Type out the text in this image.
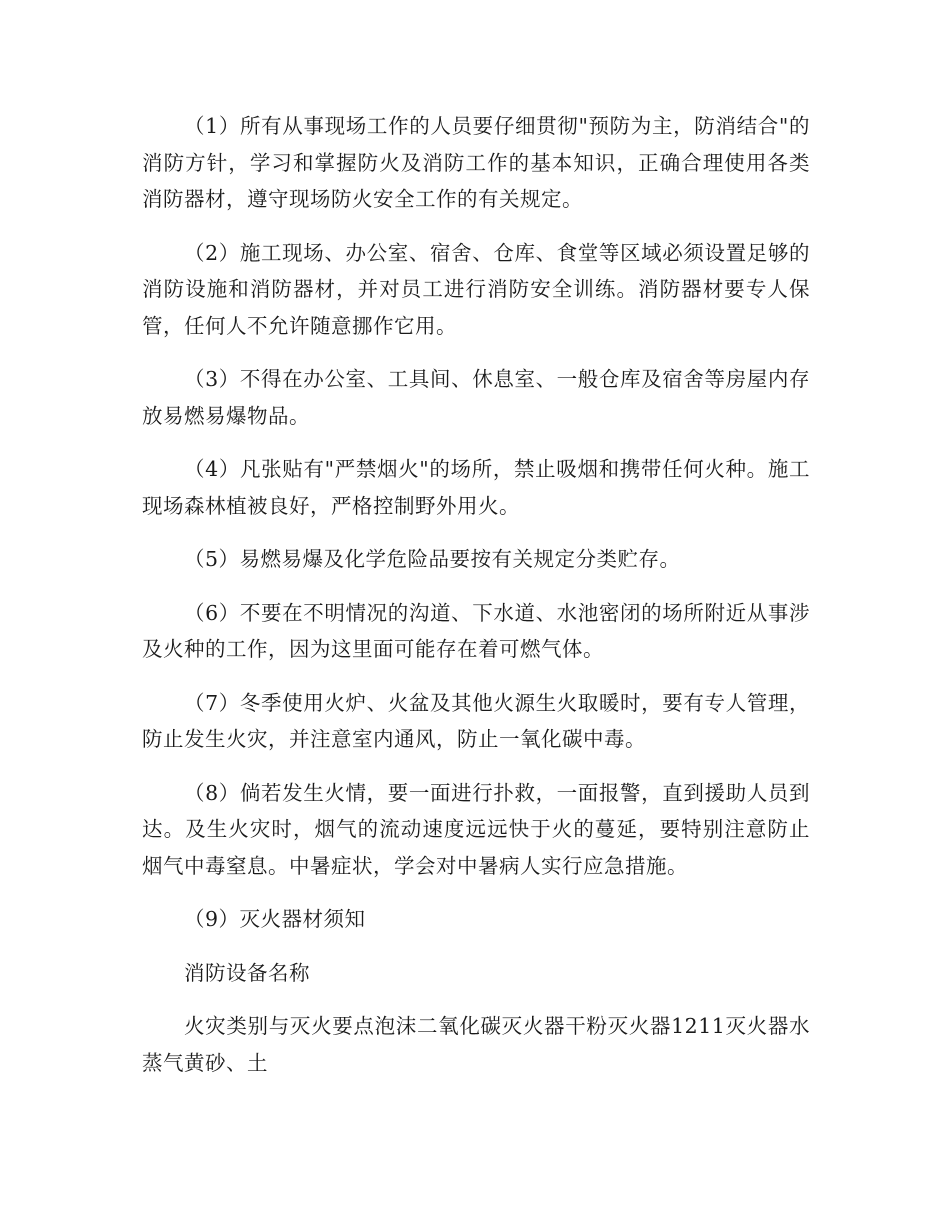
（1）所有从事现场工作的人员要仔细贯彻"预防为主，防消结合"的消防方针，学习和掌握防火及消防工作的基本知识，正确合理使用各类消防器材，遵守现场防火安全工作的有关规定。

（2）施工现场、办公室、宿舍、仓库、食堂等区域必须设置足够的消防设施和消防器材，并对员工进行消防安全训练。消防器材要专人保管，任何人不允许随意挪作它用。

（3）不得在办公室、工具间、休息室、一般仓库及宿舍等房屋内存放易燃易爆物品。

（4）凡张贴有"严禁烟火"的场所，禁止吸烟和携带任何火种。施工现场森林植被良好，严格控制野外用火。

（5）易燃易爆及化学危险品要按有关规定分类贮存。

（6）不要在不明情况的沟道、下水道、水池密闭的场所附近从事涉及火种的工作，因为这里面可能存在着可燃气体。

（7）冬季使用火炉、火盆及其他火源生火取暖时，要有专人管理，防止发生火灾，并注意室内通风，防止一氧化碳中毒。

（8）倘若发生火情，要一面进行扑救，一面报警，直到援助人员到达。及生火灾时，烟气的流动速度远远快于火的蔓延，要特别注意防止烟气中毒窒息。中暑症状，学会对中暑病人实行应急措施。

（9）灭火器材须知

消防设备名称

火灾类别与灭火要点泡沫二氧化碳灭火器干粉灭火器1211灭火器水蒸气黄砂、土
